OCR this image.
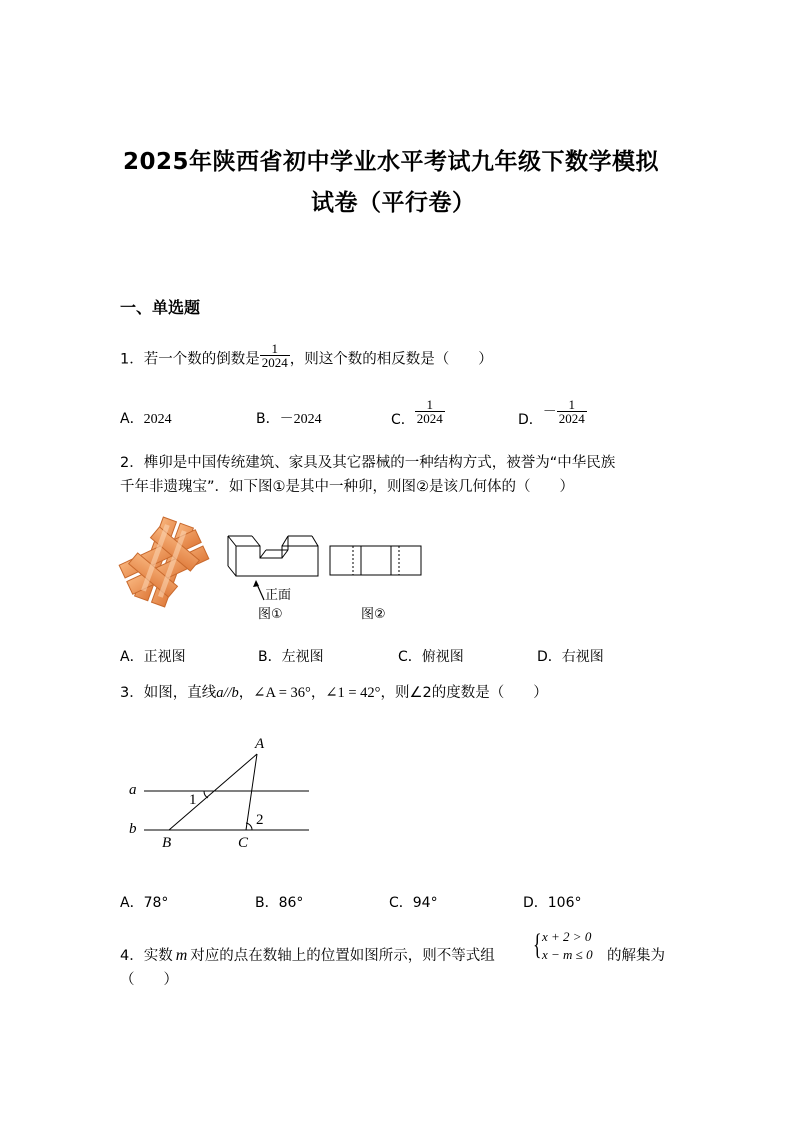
2025年陕西省初中学业水平考试九年级下数学模拟
试卷（平行卷）
一、单选题
1．若一个数的倒数是 $\frac{1}{2024}$ ，则这个数的相反数是（　　）
A．2024	B．－2024	C． $\frac{1}{2024}$	D．－ $\frac{1}{2024}$
2．榫卯是中国传统建筑、家具及其它器械的一种结构方式，被誉为“中华民族
千年非遗瑰宝”．如下图①是其中一种卯，则图②是该几何体的（　　）
正面
图①	图②
A．正视图	B．左视图	C．俯视图	D．右视图
3．如图，直线a//b，∠A = 36°，∠1 = 42°，则∠2的度数是（　　）
A
a
b
B	C
1
2
A．78°	B．86°	C．94°	D．106°
4．实数 m 对应的点在数轴上的位置如图所示，则不等式组 { x + 2 > 0
x − m ≤ 0 的解集为
（　　）
